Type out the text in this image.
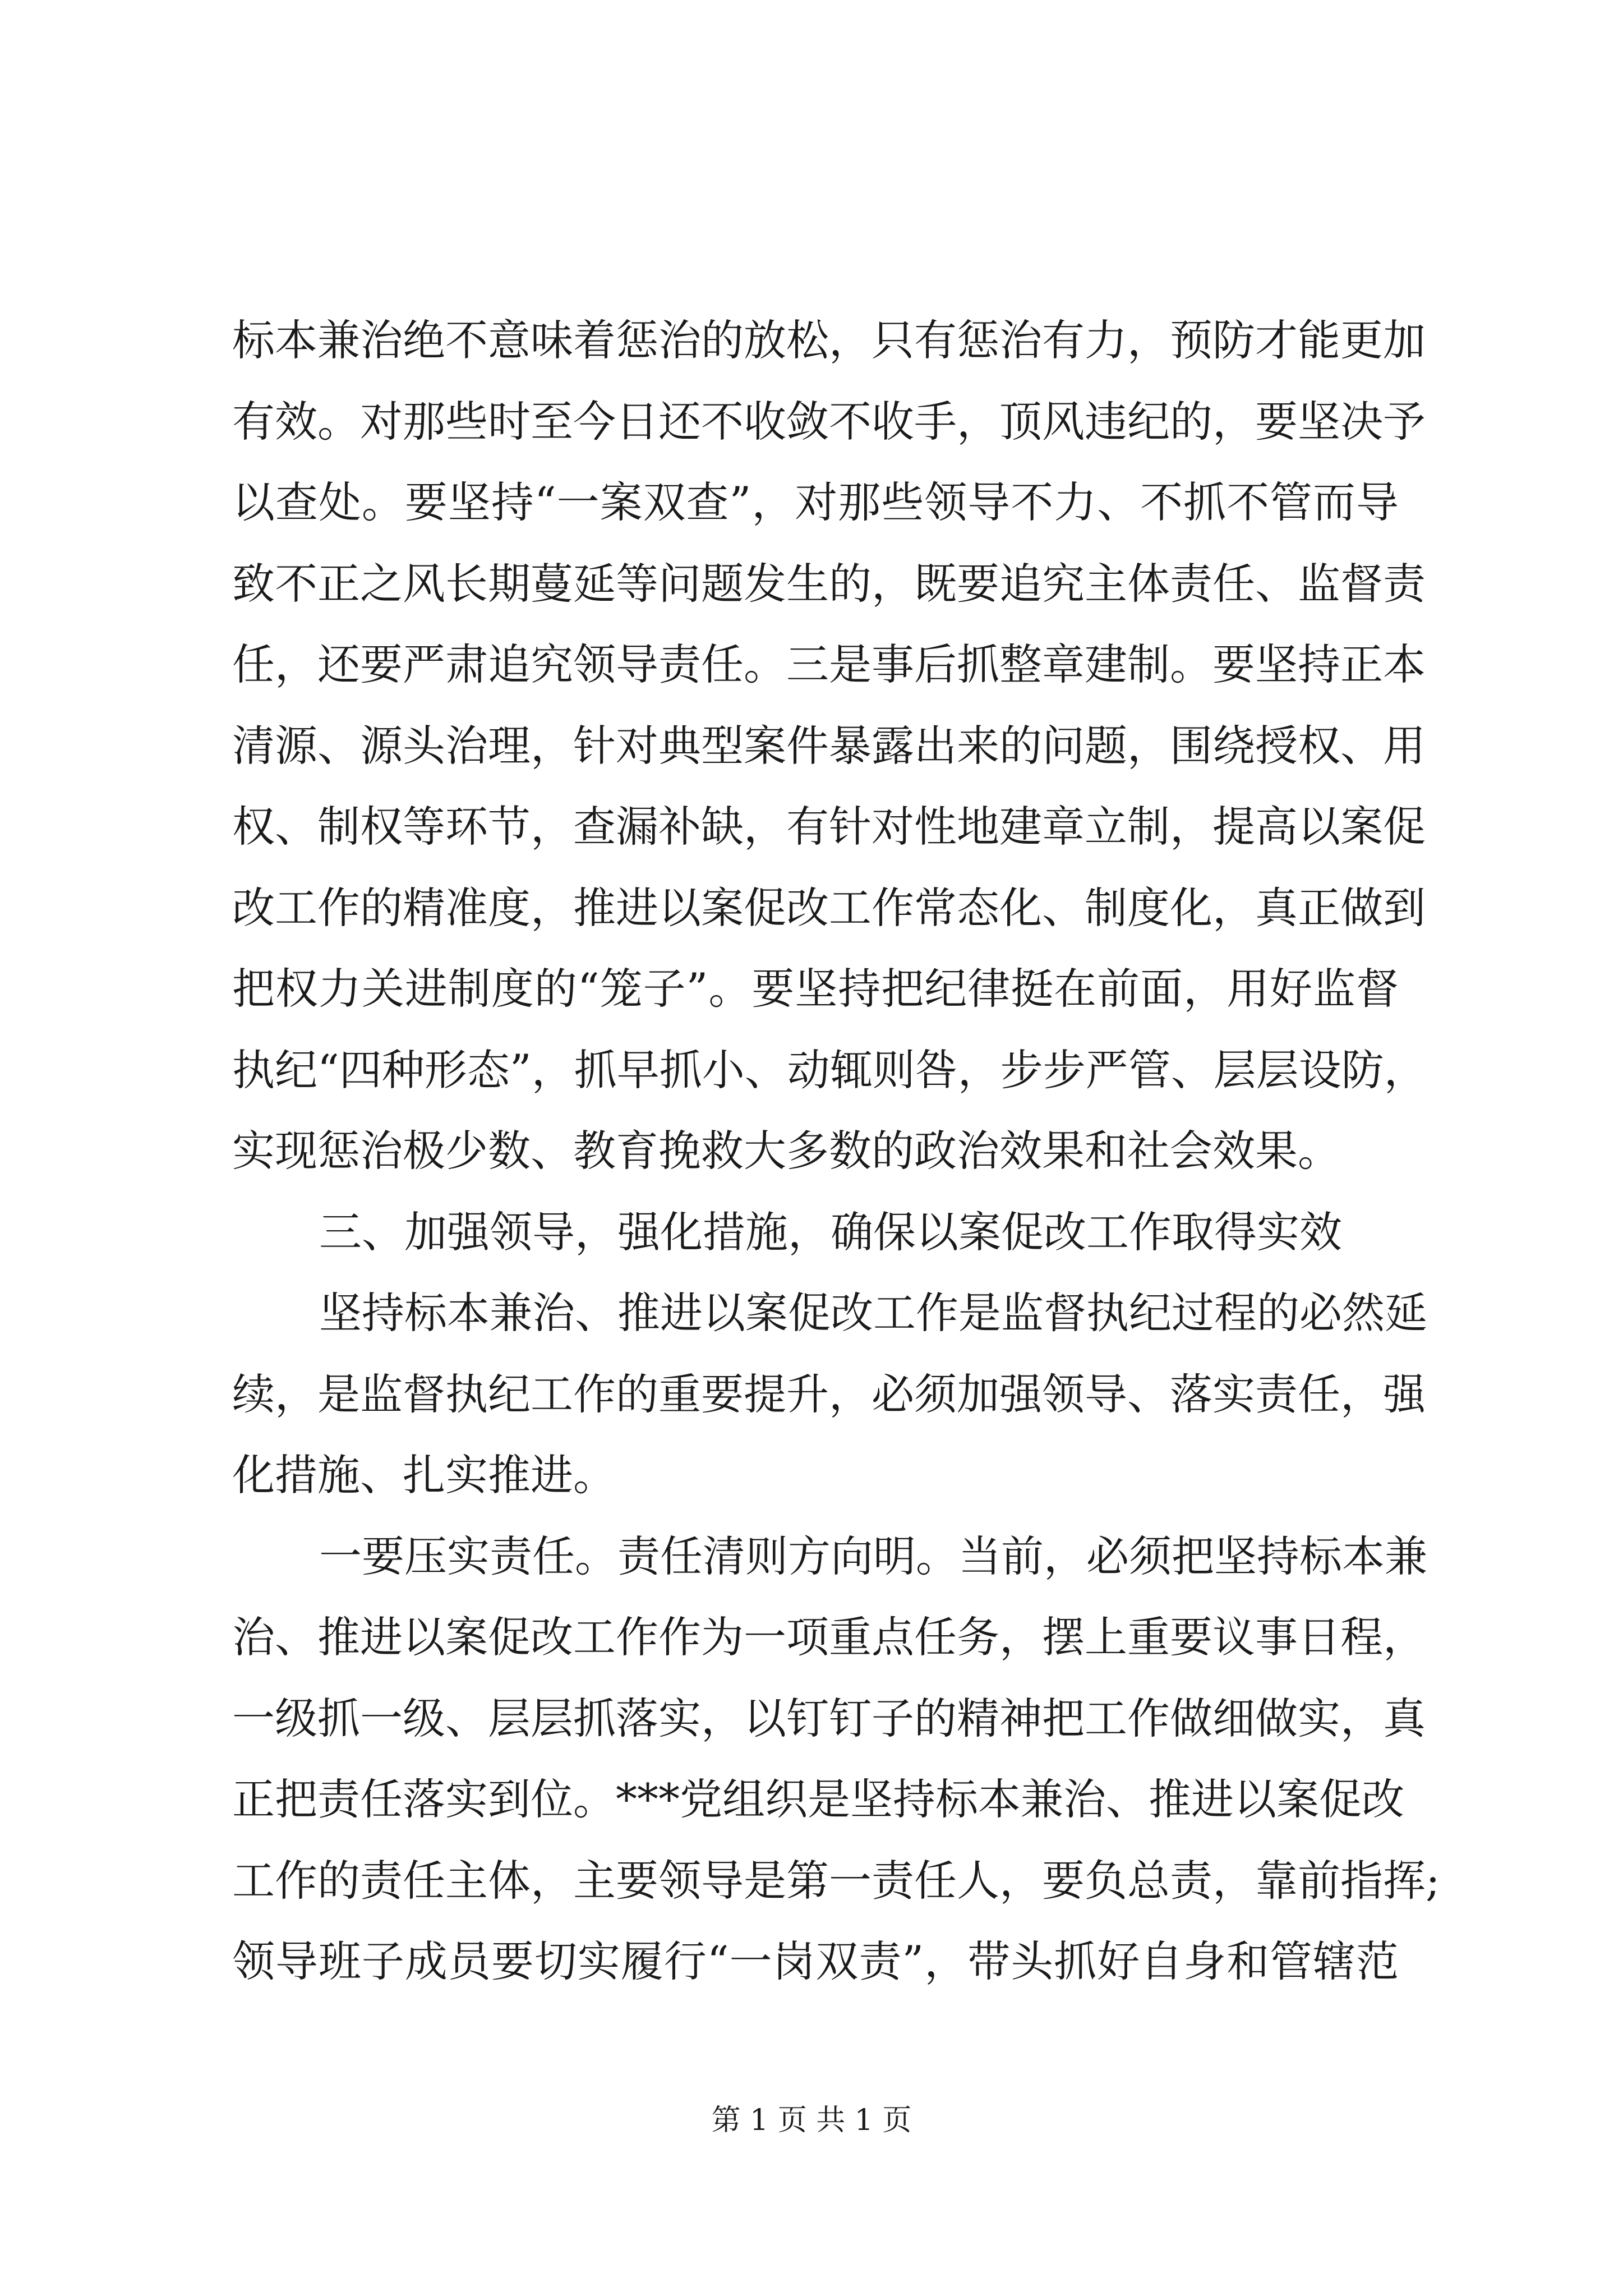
标本兼治绝不意味着惩治的放松，只有惩治有力，预防才能更加
有效。对那些时至今日还不收敛不收手，顶风违纪的，要坚决予
以查处。要坚持“一案双查”，对那些领导不力、不抓不管而导
致不正之风长期蔓延等问题发生的，既要追究主体责任、监督责
任，还要严肃追究领导责任。三是事后抓整章建制。要坚持正本
清源、源头治理，针对典型案件暴露出来的问题，围绕授权、用
权、制权等环节，查漏补缺，有针对性地建章立制，提高以案促
改工作的精准度，推进以案促改工作常态化、制度化，真正做到
把权力关进制度的“笼子”。要坚持把纪律挺在前面，用好监督
执纪“四种形态”，抓早抓小、动辄则咎，步步严管、层层设防，
实现惩治极少数、教育挽救大多数的政治效果和社会效果。
三、加强领导，强化措施，确保以案促改工作取得实效
坚持标本兼治、推进以案促改工作是监督执纪过程的必然延
续，是监督执纪工作的重要提升，必须加强领导、落实责任，强
化措施、扎实推进。
一要压实责任。责任清则方向明。当前，必须把坚持标本兼
治、推进以案促改工作作为一项重点任务，摆上重要议事日程，
一级抓一级、层层抓落实，以钉钉子的精神把工作做细做实，真
正把责任落实到位。***党组织是坚持标本兼治、推进以案促改
工作的责任主体，主要领导是第一责任人，要负总责，靠前指挥;
领导班子成员要切实履行“一岗双责”，带头抓好自身和管辖范
第 1 页 共 1 页
